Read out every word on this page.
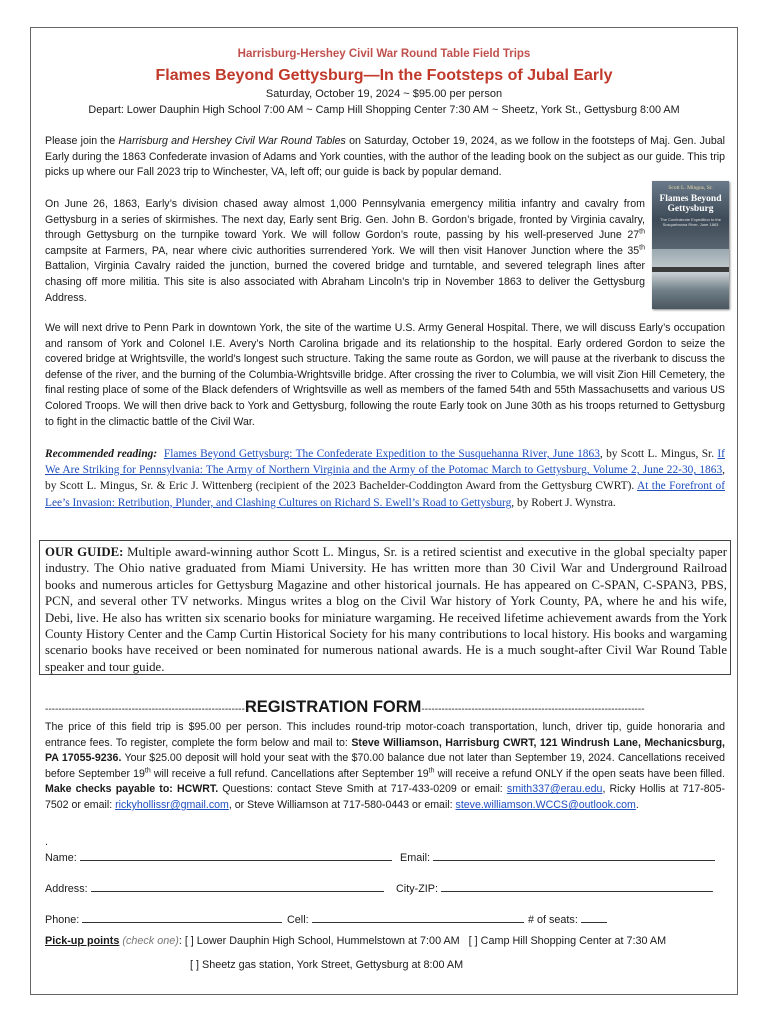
Harrisburg-Hershey Civil War Round Table Field Trips
Flames Beyond Gettysburg—In the Footsteps of Jubal Early
Saturday, October 19, 2024 ~ $95.00 per person
Depart: Lower Dauphin High School 7:00 AM ~ Camp Hill Shopping Center 7:30 AM ~ Sheetz, York St., Gettysburg 8:00 AM

Please join the Harrisburg and Hershey Civil War Round Tables on Saturday, October 19, 2024, as we follow in the footsteps of Maj. Gen. Jubal Early during the 1863 Confederate invasion of Adams and York counties, with the author of the leading book on the subject as our guide. This trip picks up where our Fall 2023 trip to Winchester, VA, left off; our guide is back by popular demand.

Scott L. Mingus, Sr.
Flames Beyond Gettysburg
The Confederate Expedition to the Susquehanna River, June 1863

On June 26, 1863, Early’s division chased away almost 1,000 Pennsylvania emergency militia infantry and cavalry from Gettysburg in a series of skirmishes. The next day, Early sent Brig. Gen. John B. Gordon’s brigade, fronted by Virginia cavalry, through Gettysburg on the turnpike toward York. We will follow Gordon’s route, passing by his well-preserved June 27th campsite at Farmers, PA, near where civic authorities surrendered York. We will then visit Hanover Junction where the 35th Battalion, Virginia Cavalry raided the junction, burned the covered bridge and turntable, and severed telegraph lines after chasing off more militia. This site is also associated with Abraham Lincoln’s trip in November 1863 to deliver the Gettysburg Address.

We will next drive to Penn Park in downtown York, the site of the wartime U.S. Army General Hospital. There, we will discuss Early’s occupation and ransom of York and Colonel I.E. Avery’s North Carolina brigade and its relationship to the hospital. Early ordered Gordon to seize the covered bridge at Wrightsville, the world’s longest such structure. Taking the same route as Gordon, we will pause at the riverbank to discuss the defense of the river, and the burning of the Columbia-Wrightsville bridge. After crossing the river to Columbia, we will visit Zion Hill Cemetery, the final resting place of some of the Black defenders of Wrightsville as well as members of the famed 54th and 55th Massachusetts and various US Colored Troops. We will then drive back to York and Gettysburg, following the route Early took on June 30th as his troops returned to Gettysburg to fight in the climactic battle of the Civil War.

Recommended reading: Flames Beyond Gettysburg: The Confederate Expedition to the Susquehanna River, June 1863, by Scott L. Mingus, Sr. If We Are Striking for Pennsylvania: The Army of Northern Virginia and the Army of the Potomac March to Gettysburg, Volume 2, June 22-30, 1863, by Scott L. Mingus, Sr. & Eric J. Wittenberg (recipient of the 2023 Bachelder-Coddington Award from the Gettysburg CWRT). At the Forefront of Lee’s Invasion: Retribution, Plunder, and Clashing Cultures on Richard S. Ewell’s Road to Gettysburg, by Robert J. Wynstra.

OUR GUIDE: Multiple award-winning author Scott L. Mingus, Sr. is a retired scientist and executive in the global specialty paper industry. The Ohio native graduated from Miami University. He has written more than 30 Civil War and Underground Railroad books and numerous articles for Gettysburg Magazine and other historical journals. He has appeared on C-SPAN, C-SPAN3, PBS, PCN, and several other TV networks. Mingus writes a blog on the Civil War history of York County, PA, where he and his wife, Debi, live. He also has written six scenario books for miniature wargaming. He received lifetime achievement awards from the York County History Center and the Camp Curtin Historical Society for his many contributions to local history. His books and wargaming scenario books have received or been nominated for numerous national awards. He is a much sought-after Civil War Round Table speaker and tour guide.

------------------------------------------------------------REGISTRATION FORM-------------------------------------------------------------------

The price of this field trip is $95.00 per person. This includes round-trip motor-coach transportation, lunch, driver tip, guide honoraria and entrance fees. To register, complete the form below and mail to: Steve Williamson, Harrisburg CWRT, 121 Windrush Lane, Mechanicsburg, PA 17055-9236. Your $25.00 deposit will hold your seat with the $70.00 balance due not later than September 19, 2024. Cancellations received before September 19th will receive a full refund. Cancellations after September 19th will receive a refund ONLY if the open seats have been filled. Make checks payable to: HCWRT. Questions: contact Steve Smith at 717-433-0209 or email: smith337@erau.edu, Ricky Hollis at 717-805-7502 or email: rickyhollissr@gmail.com, or Steve Williamson at 717-580-0443 or email: steve.williamson.WCCS@outlook.com.

.
Name:	Email:
Address:	City-ZIP:
Phone:	Cell:	# of seats:
Pick-up points (check one): [ ] Lower Dauphin High School, Hummelstown at 7:00 AM [ ] Camp Hill Shopping Center at 7:30 AM
[ ] Sheetz gas station, York Street, Gettysburg at 8:00 AM
